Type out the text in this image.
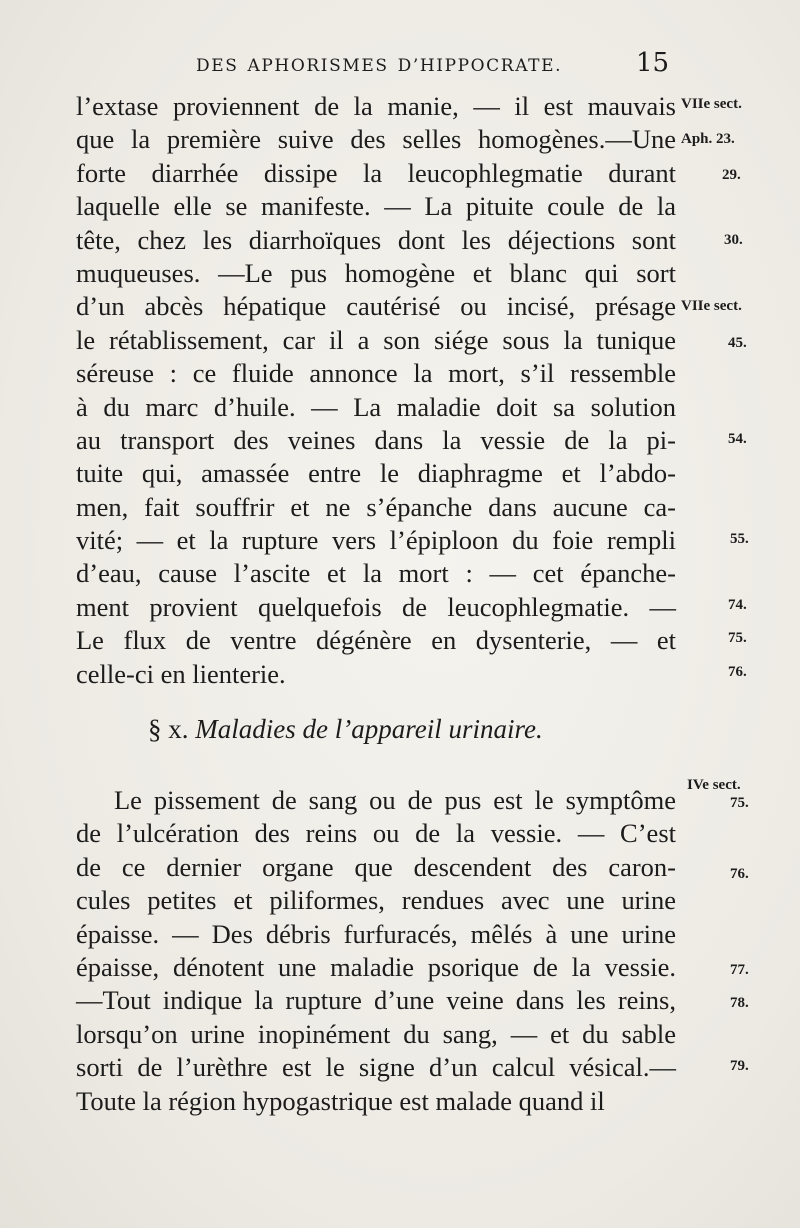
DES APHORISMES D’HIPPOCRATE.	15
l’extase proviennent de la manie, — il est mauvais
que la première suive des selles homogènes.—Une
forte diarrhée dissipe la leucophlegmatie durant
laquelle elle se manifeste. — La pituite coule de la
tête, chez les diarrhoïques dont les déjections sont
muqueuses. —Le pus homogène et blanc qui sort
d’un abcès hépatique cautérisé ou incisé, présage
le rétablissement, car il a son siége sous la tunique
séreuse : ce fluide annonce la mort, s’il ressemble
à du marc d’huile. — La maladie doit sa solution
au transport des veines dans la vessie de la pi-
tuite qui, amassée entre le diaphragme et l’abdo-
men, fait souffrir et ne s’épanche dans aucune ca-
vité; — et la rupture vers l’épiploon du foie rempli
d’eau, cause l’ascite et la mort : — cet épanche-
ment provient quelquefois de leucophlegmatie. —
Le flux de ventre dégénère en dysenterie, — et
celle-ci en lienterie.
§ x. Maladies de l’appareil urinaire.
Le pissement de sang ou de pus est le symptôme
de l’ulcération des reins ou de la vessie. — C’est
de ce dernier organe que descendent des caron-
cules petites et piliformes, rendues avec une urine
épaisse. — Des débris furfuracés, mêlés à une urine
épaisse, dénotent une maladie psorique de la vessie.
—Tout indique la rupture d’une veine dans les reins,
lorsqu’on urine inopinément du sang, — et du sable
sorti de l’urèthre est le signe d’un calcul vésical.—
Toute la région hypogastrique est malade quand il
VIIe sect.
Aph. 23.
29.
30.
VIIe sect.
45.
54.
55.
74.
75.
76.
IVe sect.
75.
76.
77.
78.
79.
